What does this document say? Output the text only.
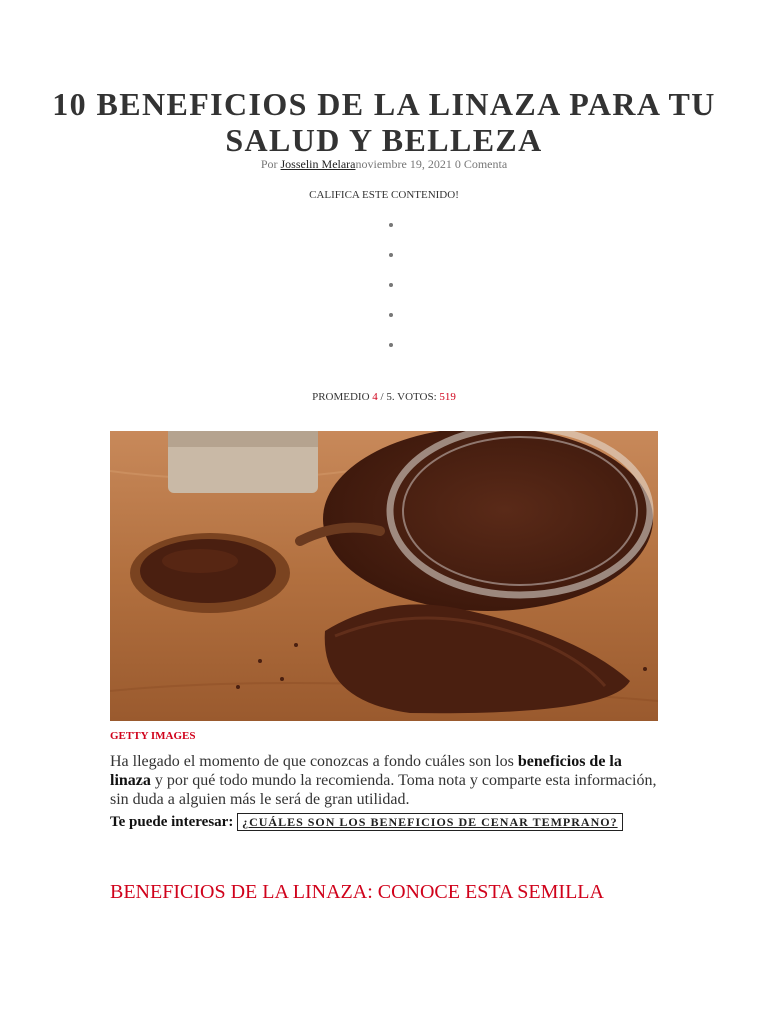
10 BENEFICIOS DE LA LINAZA PARA TU SALUD Y BELLEZA
Por Josselin Melaranoviembre 19, 2021 0 Comenta
CALIFICA ESTE CONTENIDO!
PROMEDIO 4 / 5. VOTOS: 519
GETTY IMAGES

Ha llegado el momento de que conozcas a fondo cuáles son los beneficios de la linaza y por qué todo mundo la recomienda. Toma nota y comparte esta información, sin duda a alguien más le será de gran utilidad.

Te puede interesar: ¿CUÁLES SON LOS BENEFICIOS DE CENAR TEMPRANO?
BENEFICIOS DE LA LINAZA: CONOCE ESTA SEMILLA
